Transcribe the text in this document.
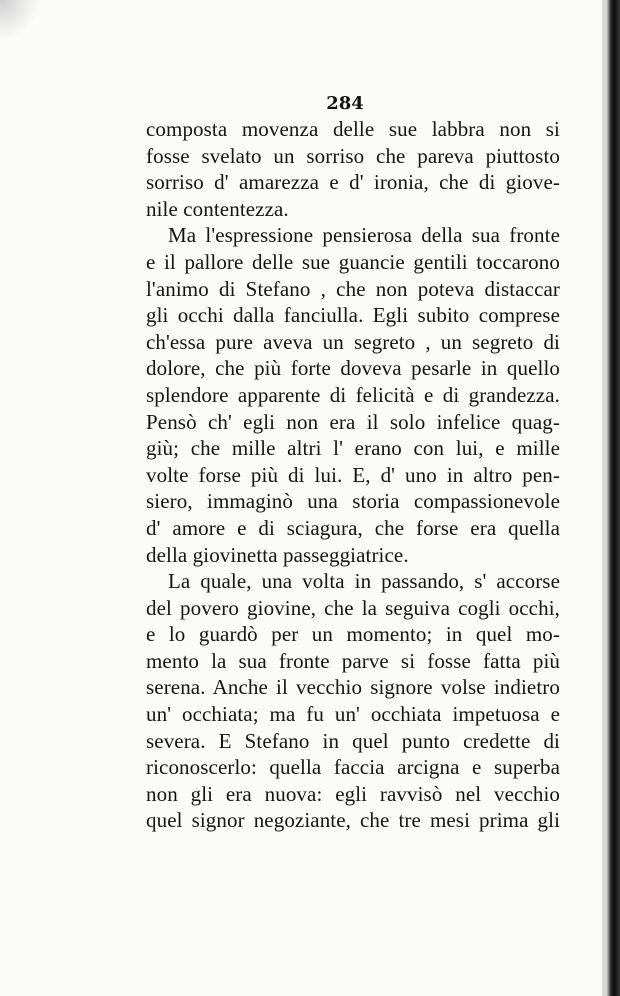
284
composta movenza delle sue labbra non si
fosse svelato un sorriso che pareva piuttosto
sorriso d' amarezza e d' ironia, che di giove-
nile contentezza.
Ma l'espressione pensierosa della sua fronte
e il pallore delle sue guancie gentili toccarono
l'animo di Stefano , che non poteva distaccar
gli occhi dalla fanciulla. Egli subito comprese
ch'essa pure aveva un segreto , un segreto di
dolore, che più forte doveva pesarle in quello
splendore apparente di felicità e di grandezza.
Pensò ch' egli non era il solo infelice quag-
giù; che mille altri l' erano con lui, e mille
volte forse più di lui. E, d' uno in altro pen-
siero, immaginò una storia compassionevole
d' amore e di sciagura, che forse era quella
della giovinetta passeggiatrice.
La quale, una volta in passando, s' accorse
del povero giovine, che la seguiva cogli occhi,
e lo guardò per un momento; in quel mo-
mento la sua fronte parve si fosse fatta più
serena. Anche il vecchio signore volse indietro
un' occhiata; ma fu un' occhiata impetuosa e
severa. E Stefano in quel punto credette di
riconoscerlo: quella faccia arcigna e superba
non gli era nuova: egli ravvisò nel vecchio
quel signor negoziante, che tre mesi prima gli
